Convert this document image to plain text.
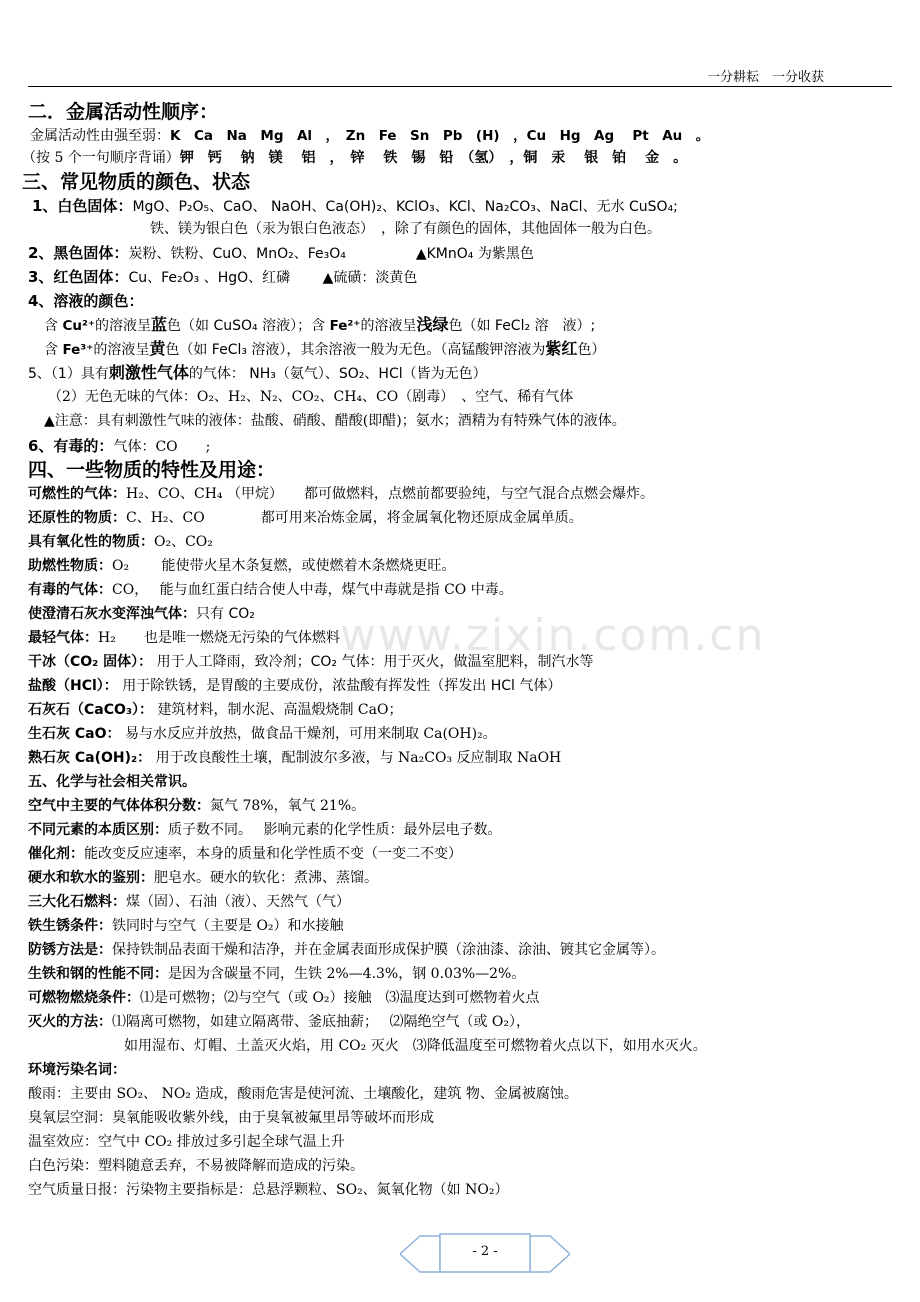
一分耕耘　一分收获
www.zixin.com.cn
二．金属活动性顺序：
金属活动性由强至弱：K　Ca　Na　Mg　Al　，　Zn　Fe　Sn　Pb　(H)　，Cu　Hg　Ag　 Pt　Au　。
（按 5 个一句顺序背诵）钾　钙　 钠　镁　 铝　，　锌　 铁　锡　铅　（氢）　，铜　汞　 银　铂　 金　。
三、常见物质的颜色、状态
1、白色固体：MgO、P₂O₅、CaO、 NaOH、Ca(OH)₂、KClO₃、KCl、Na₂CO₃、NaCl、无水 CuSO₄;
铁、镁为银白色（汞为银白色液态）　，除了有颜色的固体，其他固体一般为白色。
2、黑色固体：炭粉、铁粉、CuO、MnO₂、Fe₃O₄　　　　　▲KMnO₄ 为紫黑色
3、红色固体：Cu、Fe₂O₃ 、HgO、红磷　　 ▲硫磺：淡黄色
4、溶液的颜色：
含 Cu²⁺的溶液呈蓝色（如 CuSO₄ 溶液）；含 Fe²⁺的溶液呈浅绿色（如 FeCl₂ 溶　液）;
含 Fe³⁺的溶液呈黄色（如 FeCl₃ 溶液），其余溶液一般为无色。（高锰酸钾溶液为紫红色）
5、（1）具有刺激性气体的气体： NH₃（氨气）、SO₂、HCl（皆为无色）
（2）无色无味的气体：O₂、H₂、N₂、CO₂、CH₄、CO（剧毒）　、空气、稀有气体
▲注意：具有刺激性气味的液体：盐酸、硝酸、醋酸(即醋)；氨水；酒精为有特殊气体的液体。
6、有毒的：气体：CO　　;
四、一些物质的特性及用途：
可燃性的气体：H₂、CO、CH₄ （甲烷）　　都可做燃料，点燃前都要验纯，与空气混合点燃会爆炸。
还原性的物质：C、H₂、CO　　　　都可用来冶炼金属，将金属氧化物还原成金属单质。
具有氧化性的物质：O₂、CO₂
助燃性物质：O₂　　 能使带火星木条复燃，或使燃着木条燃烧更旺。
有毒的气体：CO，　 能与血红蛋白结合使人中毒，煤气中毒就是指 CO 中毒。
使澄清石灰水变浑浊气体：只有 CO₂
最轻气体：H₂　　也是唯一燃烧无污染的气体燃料
干冰（CO₂ 固体）： 用于人工降雨，致冷剂；CO₂ 气体：用于灭火，做温室肥料，制汽水等
盐酸（HCl）： 用于除铁锈，是胃酸的主要成份，浓盐酸有挥发性（挥发出 HCl 气体）
石灰石（CaCO₃）： 建筑材料，制水泥、高温煅烧制 CaO；
生石灰 CaO： 易与水反应并放热，做食品干燥剂，可用来制取 Ca(OH)₂。
熟石灰 Ca(OH)₂： 用于改良酸性土壤，配制波尔多液，与 Na₂CO₃ 反应制取 NaOH
五、化学与社会相关常识。
空气中主要的气体体积分数：氮气 78%，氧气 21%。
不同元素的本质区别：质子数不同。　 影响元素的化学性质：最外层电子数。
催化剂：能改变反应速率，本身的质量和化学性质不变（一变二不变）
硬水和软水的鉴别：肥皂水。硬水的软化：煮沸、蒸馏。
三大化石燃料：煤（固）、石油（液）、天然气（气）
铁生锈条件：铁同时与空气（主要是 O₂）和水接触
防锈方法是：保持铁制品表面干燥和洁净，并在金属表面形成保护膜（涂油漆、涂油、镀其它金属等）。
生铁和钢的性能不同：是因为含碳量不同，生铁 2%—4.3%，钢 0.03%—2%。
可燃物燃烧条件：⑴是可燃物；⑵与空气（或 O₂）接触　⑶温度达到可燃物着火点
灭火的方法：⑴隔离可燃物，如建立隔离带、釜底抽薪；　 ⑵隔绝空气（或 O₂），
如用湿布、灯帽、土盖灭火焰，用 CO₂ 灭火　⑶降低温度至可燃物着火点以下，如用水灭火。
环境污染名词：
酸雨：主要由 SO₂、 NO₂ 造成，酸雨危害是使河流、土壤酸化，建筑 物、金属被腐蚀。
臭氧层空洞：臭氧能吸收紫外线，由于臭氧被氟里昂等破坏而形成
温室效应：空气中 CO₂ 排放过多引起全球气温上升
白色污染：塑料随意丢弃，不易被降解而造成的污染。
空气质量日报：污染物主要指标是：总悬浮颗粒、SO₂、氮氧化物（如 NO₂）
- 2 -
